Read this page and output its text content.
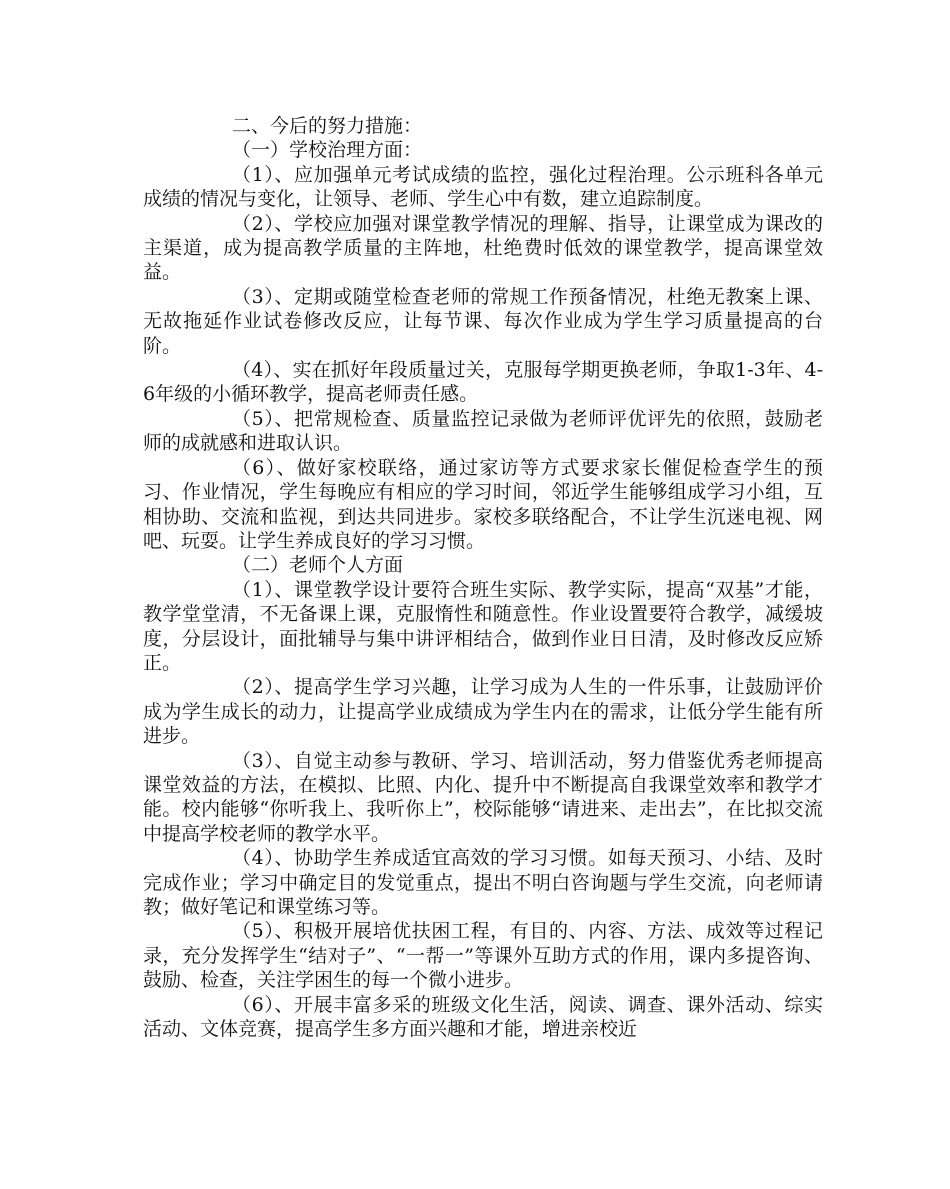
二、今后的努力措施：

（一）学校治理方面：

（1）、应加强单元考试成绩的监控，强化过程治理。公示班科各单元成绩的情况与变化，让领导、老师、学生心中有数，建立追踪制度。

（2）、学校应加强对课堂教学情况的理解、指导，让课堂成为课改的主渠道，成为提高教学质量的主阵地，杜绝费时低效的课堂教学，提高课堂效益。

（3）、定期或随堂检查老师的常规工作预备情况，杜绝无教案上课、无故拖延作业试卷修改反应，让每节课、每次作业成为学生学习质量提高的台阶。

（4）、实在抓好年段质量过关，克服每学期更换老师，争取1-3年、4-6年级的小循环教学，提高老师责任感。

（5）、把常规检查、质量监控记录做为老师评优评先的依照，鼓励老师的成就感和进取认识。

（6）、做好家校联络，通过家访等方式要求家长催促检查学生的预习、作业情况，学生每晚应有相应的学习时间，邻近学生能够组成学习小组，互相协助、交流和监视，到达共同进步。家校多联络配合，不让学生沉迷电视、网吧、玩耍。让学生养成良好的学习习惯。

（二）老师个人方面

（1）、课堂教学设计要符合班生实际、教学实际，提高“双基”才能，教学堂堂清，不无备课上课，克服惰性和随意性。作业设置要符合教学，减缓坡度，分层设计，面批辅导与集中讲评相结合，做到作业日日清，及时修改反应矫正。

（2）、提高学生学习兴趣，让学习成为人生的一件乐事，让鼓励评价成为学生成长的动力，让提高学业成绩成为学生内在的需求，让低分学生能有所进步。

（3）、自觉主动参与教研、学习、培训活动，努力借鉴优秀老师提高课堂效益的方法，在模拟、比照、内化、提升中不断提高自我课堂效率和教学才能。校内能够“你听我上、我听你上”，校际能够“请进来、走出去”，在比拟交流中提高学校老师的教学水平。

（4）、协助学生养成适宜高效的学习习惯。如每天预习、小结、及时完成作业；学习中确定目的发觉重点，提出不明白咨询题与学生交流，向老师请教；做好笔记和课堂练习等。

（5）、积极开展培优扶困工程，有目的、内容、方法、成效等过程记录，充分发挥学生“结对子”、“一帮一”等课外互助方式的作用，课内多提咨询、鼓励、检查，关注学困生的每一个微小进步。

（6）、开展丰富多采的班级文化生活，阅读、调查、课外活动、综实活动、文体竞赛，提高学生多方面兴趣和才能，增进亲校近
